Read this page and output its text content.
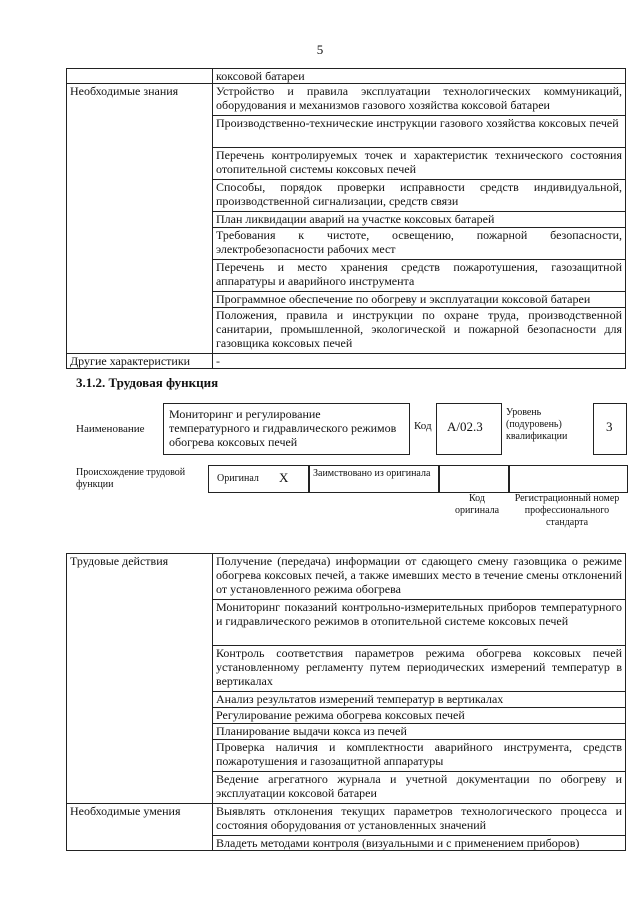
5
	коксовой батареи
Необходимые знания	Устройство и правила эксплуатации технологических коммуникаций, оборудования и механизмов газового хозяйства коксовой батареи
	Производственно-технические инструкции газового хозяйства коксовых печей
	Перечень контролируемых точек и характеристик технического состояния отопительной системы коксовых печей
	Способы, порядок проверки исправности средств индивидуальной, производственной сигнализации, средств связи
	План ликвидации аварий на участке коксовых батарей
	Требования к чистоте, освещению, пожарной безопасности, электробезопасности рабочих мест
	Перечень и место хранения средств пожаротушения, газозащитной аппаратуры и аварийного инструмента
	Программное обеспечение по обогреву и эксплуатации коксовой батареи
	Положения, правила и инструкции по охране труда, производственной санитарии, промышленной, экологической и пожарной безопасности для газовщика коксовых печей
Другие характеристики	-
3.1.2. Трудовая функция
Наименование
Мониторинг и регулирование температурного и гидравлического режимов обогрева коксовых печей
Код	А/02.3
Уровень (подуровень) квалификации
3
Происхождение трудовой функции
Оригинал X Заимствовано из оригинала
Код оригинала
Регистрационный номер профессионального стандарта
Трудовые действия	Получение (передача) информации от сдающего смену газовщика о режиме обогрева коксовых печей, а также имевших место в течение смены отклонений от установленного режима обогрева
	Мониторинг показаний контрольно-измерительных приборов температурного и гидравлического режимов в отопительной системе коксовых печей
	Контроль соответствия параметров режима обогрева коксовых печей установленному регламенту путем периодических измерений температур в вертикалах
	Анализ результатов измерений температур в вертикалах
	Регулирование режима обогрева коксовых печей
	Планирование выдачи кокса из печей
	Проверка наличия и комплектности аварийного инструмента, средств пожаротушения и газозащитной аппаратуры
	Ведение агрегатного журнала и учетной документации по обогреву и эксплуатации коксовой батареи
Необходимые умения	Выявлять отклонения текущих параметров технологического процесса и состояния оборудования от установленных значений
	Владеть методами контроля (визуальными и с применением приборов)
